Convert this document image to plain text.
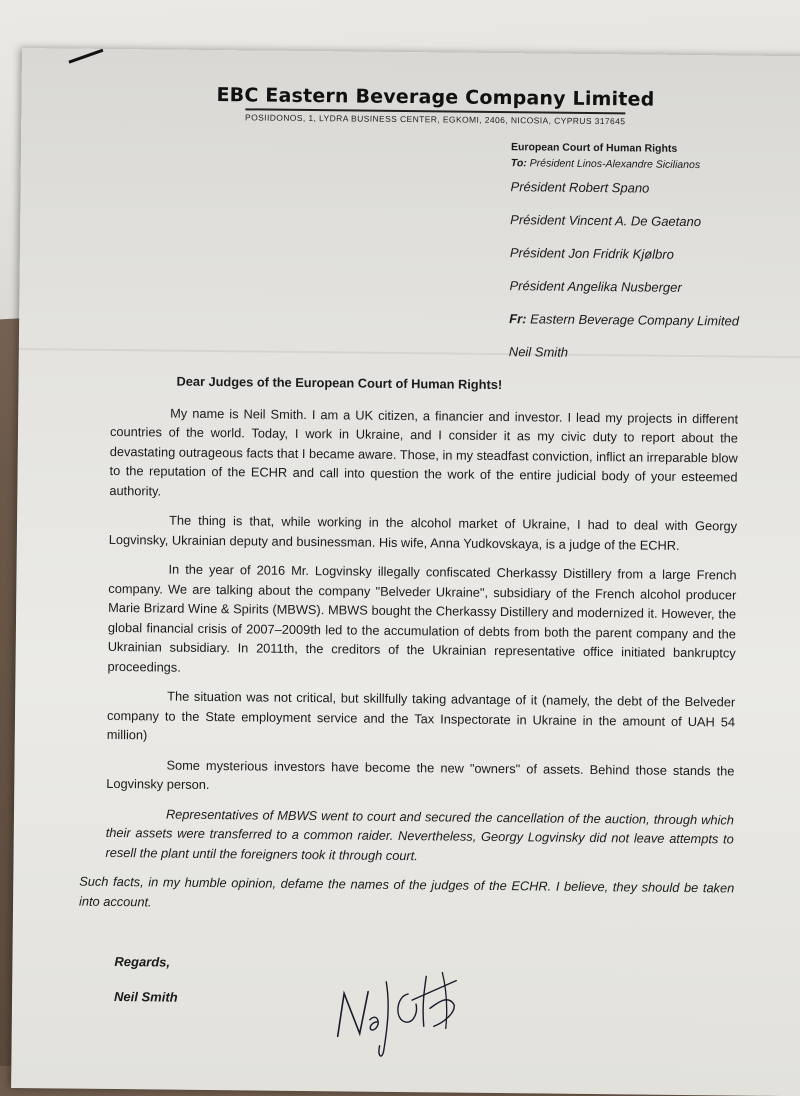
EBC Eastern Beverage Company Limited
POSIIDONOS, 1, LYDRA BUSINESS CENTER, EGKOMI, 2406, NICOSIA, CYPRUS 317645
European Court of Human Rights
To: Président Linos-Alexandre Sicilianos
Président Robert Spano
Président Vincent A. De Gaetano
Président Jon Fridrik Kjølbro
Président Angelika Nusberger
Fr: Eastern Beverage Company Limited
Neil Smith
Dear Judges of the European Court of Human Rights!

My name is Neil Smith. I am a UK citizen, a financier and investor. I lead my projects in different countries of the world. Today, I work in Ukraine, and I consider it as my civic duty to report about the devastating outrageous facts that I became aware. Those, in my steadfast conviction, inflict an irreparable blow to the reputation of the ECHR and call into question the work of the entire judicial body of your esteemed authority.

The thing is that, while working in the alcohol market of Ukraine, I had to deal with Georgy Logvinsky, Ukrainian deputy and businessman. His wife, Anna Yudkovskaya, is a judge of the ECHR.

In the year of 2016 Mr. Logvinsky illegally confiscated Cherkassy Distillery from a large French company. We are talking about the company "Belveder Ukraine", subsidiary of the French alcohol producer Marie Brizard Wine & Spirits (MBWS). MBWS bought the Cherkassy Distillery and modernized it. However, the global financial crisis of 2007–2009th led to the accumulation of debts from both the parent company and the Ukrainian subsidiary. In 2011th, the creditors of the Ukrainian representative office initiated bankruptcy proceedings.

The situation was not critical, but skillfully taking advantage of it (namely, the debt of the Belveder company to the State employment service and the Tax Inspectorate in Ukraine in the amount of UAH 54 million)

Some mysterious investors have become the new "owners" of assets. Behind those stands the Logvinsky person.

Representatives of MBWS went to court and secured the cancellation of the auction, through which their assets were transferred to a common raider. Nevertheless, Georgy Logvinsky did not leave attempts to resell the plant until the foreigners took it through court.

Such facts, in my humble opinion, defame the names of the judges of the ECHR. I believe, they should be taken into account.

Regards,
Neil Smith
